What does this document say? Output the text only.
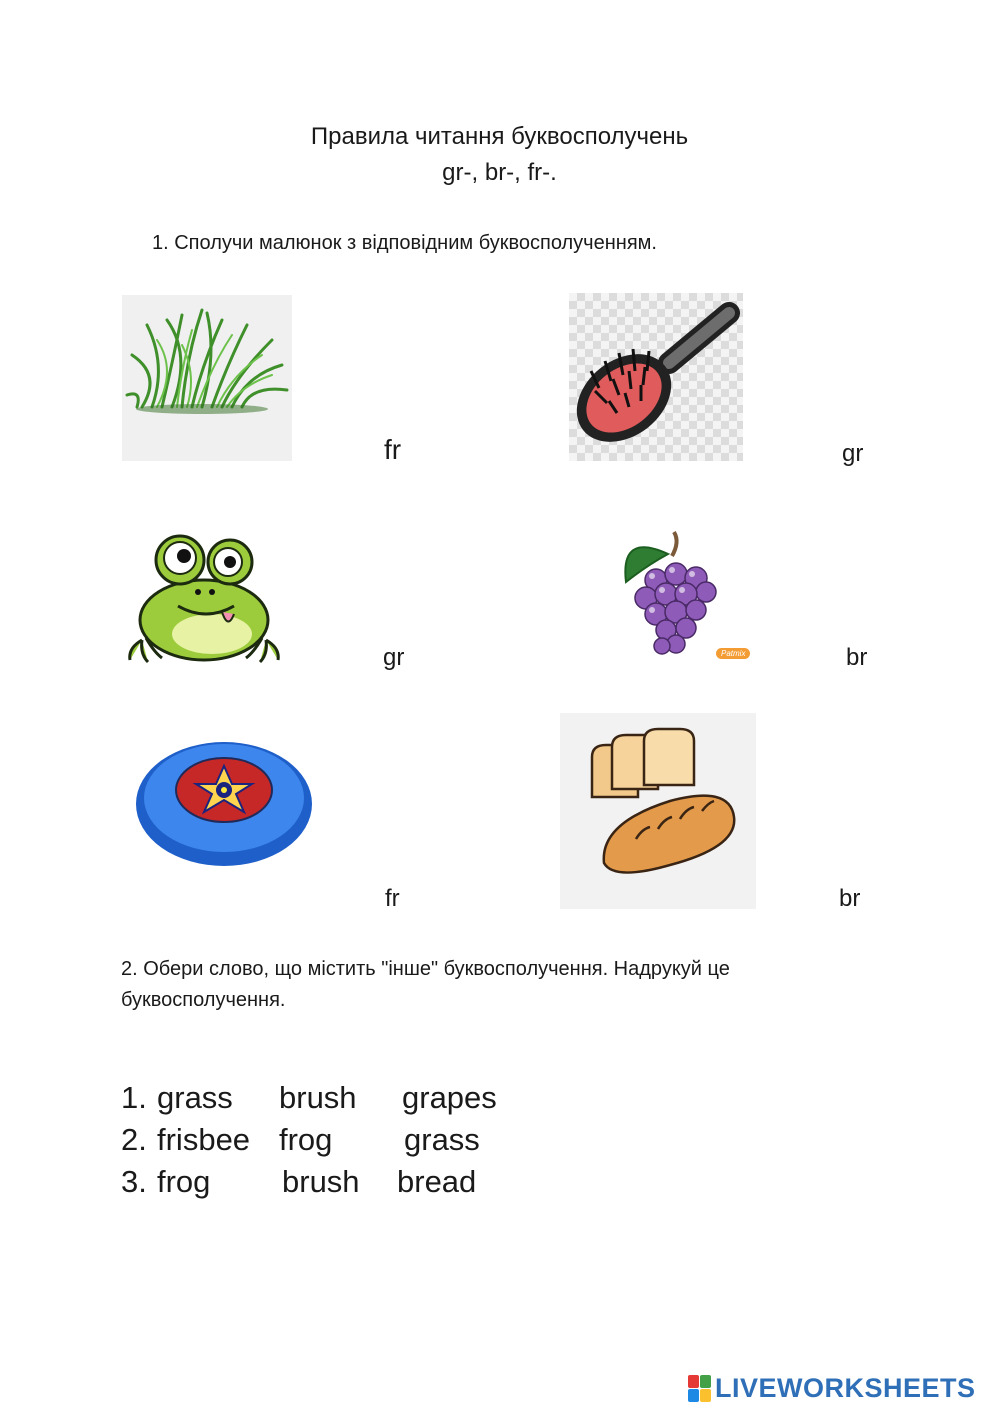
Правила читання буквосполучень
gr-, br-, fr-.
1. Сполучи малюнок з відповідним буквосполученням.
fr	gr
gr	Patmix	br
fr	br
2. Обери слово, що містить "інше" буквосполучення. Надрукуй це
буквосполучення.
1. grass brush grapes
2. frisbee frog grass
3. frog brush bread
LIVEWORKSHEETS
